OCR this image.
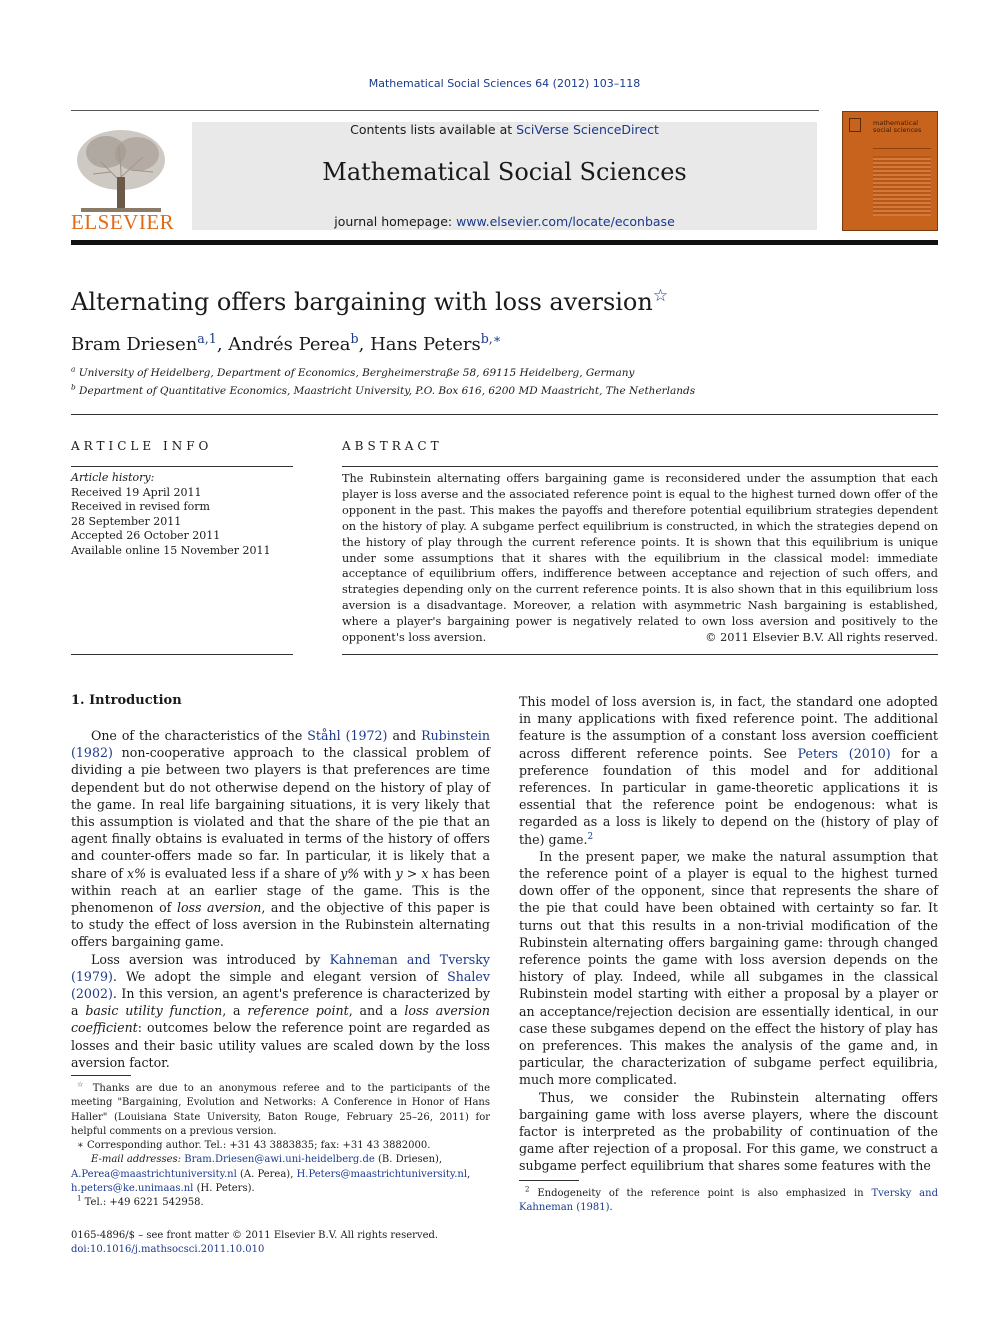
Mathematical Social Sciences 64 (2012) 103–118
ELSEVIER
Contents lists available at SciVerse ScienceDirect
Mathematical Social Sciences
journal homepage: www.elsevier.com/locate/econbase
mathematical social sciences
Alternating offers bargaining with loss aversion☆
Bram Driesen$^{a,1}$, Andrés Perea$^b$, Hans Peters$^{b,∗}$
$^a$ University of Heidelberg, Department of Economics, Bergheimerstraße 58, 69115 Heidelberg, Germany
$^b$ Department of Quantitative Economics, Maastricht University, P.O. Box 616, 6200 MD Maastricht, The Netherlands
ARTICLE INFO
Article history:
Received 19 April 2011
Received in revised form
28 September 2011
Accepted 26 October 2011
Available online 15 November 2011
ABSTRACT
The Rubinstein alternating offers bargaining game is reconsidered under the assumption that each player is loss averse and the associated reference point is equal to the highest turned down offer of the opponent in the past. This makes the payoffs and therefore potential equilibrium strategies dependent on the history of play. A subgame perfect equilibrium is constructed, in which the strategies depend on the history of play through the current reference points. It is shown that this equilibrium is unique under some assumptions that it shares with the equilibrium in the classical model: immediate acceptance of equilibrium offers, indifference between acceptance and rejection of such offers, and strategies depending only on the current reference points. It is also shown that in this equilibrium loss aversion is a disadvantage. Moreover, a relation with asymmetric Nash bargaining is established, where a player's bargaining power is negatively related to own loss aversion and positively to the opponent's loss aversion.	© 2011 Elsevier B.V. All rights reserved.
1. Introduction

One of the characteristics of the Ståhl (1972) and Rubinstein (1982) non-cooperative approach to the classical problem of dividing a pie between two players is that preferences are time dependent but do not otherwise depend on the history of play of the game. In real life bargaining situations, it is very likely that this assumption is violated and that the share of the pie that an agent finally obtains is evaluated in terms of the history of offers and counter-offers made so far. In particular, it is likely that a share of x% is evaluated less if a share of y% with y > x has been within reach at an earlier stage of the game. This is the phenomenon of loss aversion, and the objective of this paper is to study the effect of loss aversion in the Rubinstein alternating offers bargaining game.

Loss aversion was introduced by Kahneman and Tversky (1979). We adopt the simple and elegant version of Shalev (2002). In this version, an agent's preference is characterized by a basic utility function, a reference point, and a loss aversion coefficient: outcomes below the reference point are regarded as losses and their basic utility values are scaled down by the loss aversion factor.

☆ Thanks are due to an anonymous referee and to the participants of the meeting "Bargaining, Evolution and Networks: A Conference in Honor of Hans Haller" (Louisiana State University, Baton Rouge, February 25–26, 2011) for helpful comments on a previous version.

∗ Corresponding author. Tel.: +31 43 3883835; fax: +31 43 3882000.

E-mail addresses: Bram.Driesen@awi.uni-heidelberg.de (B. Driesen),

A.Perea@maastrichtuniversity.nl (A. Perea), H.Peters@maastrichtuniversity.nl,

h.peters@ke.unimaas.nl (H. Peters).

$^1$ Tel.: +49 6221 542958.

0165-4896/$ – see front matter © 2011 Elsevier B.V. All rights reserved.

doi:10.1016/j.mathsocsci.2011.10.010

This model of loss aversion is, in fact, the standard one adopted in many applications with fixed reference point. The additional feature is the assumption of a constant loss aversion coefficient across different reference points. See Peters (2010) for a preference foundation of this model and for additional references. In particular in game-theoretic applications it is essential that the reference point be endogenous: what is regarded as a loss is likely to depend on the (history of play of the) game.$^2$

In the present paper, we make the natural assumption that the reference point of a player is equal to the highest turned down offer of the opponent, since that represents the share of the pie that could have been obtained with certainty so far. It turns out that this results in a non-trivial modification of the Rubinstein alternating offers bargaining game: through changed reference points the game with loss aversion depends on the history of play. Indeed, while all subgames in the classical Rubinstein model starting with either a proposal by a player or an acceptance/rejection decision are essentially identical, in our case these subgames depend on the effect the history of play has on preferences. This makes the analysis of the game and, in particular, the characterization of subgame perfect equilibria, much more complicated.

Thus, we consider the Rubinstein alternating offers bargaining game with loss averse players, where the discount factor is interpreted as the probability of continuation of the game after rejection of a proposal. For this game, we construct a subgame perfect equilibrium that shares some features with the

$^2$ Endogeneity of the reference point is also emphasized in Tversky and Kahneman (1981).
